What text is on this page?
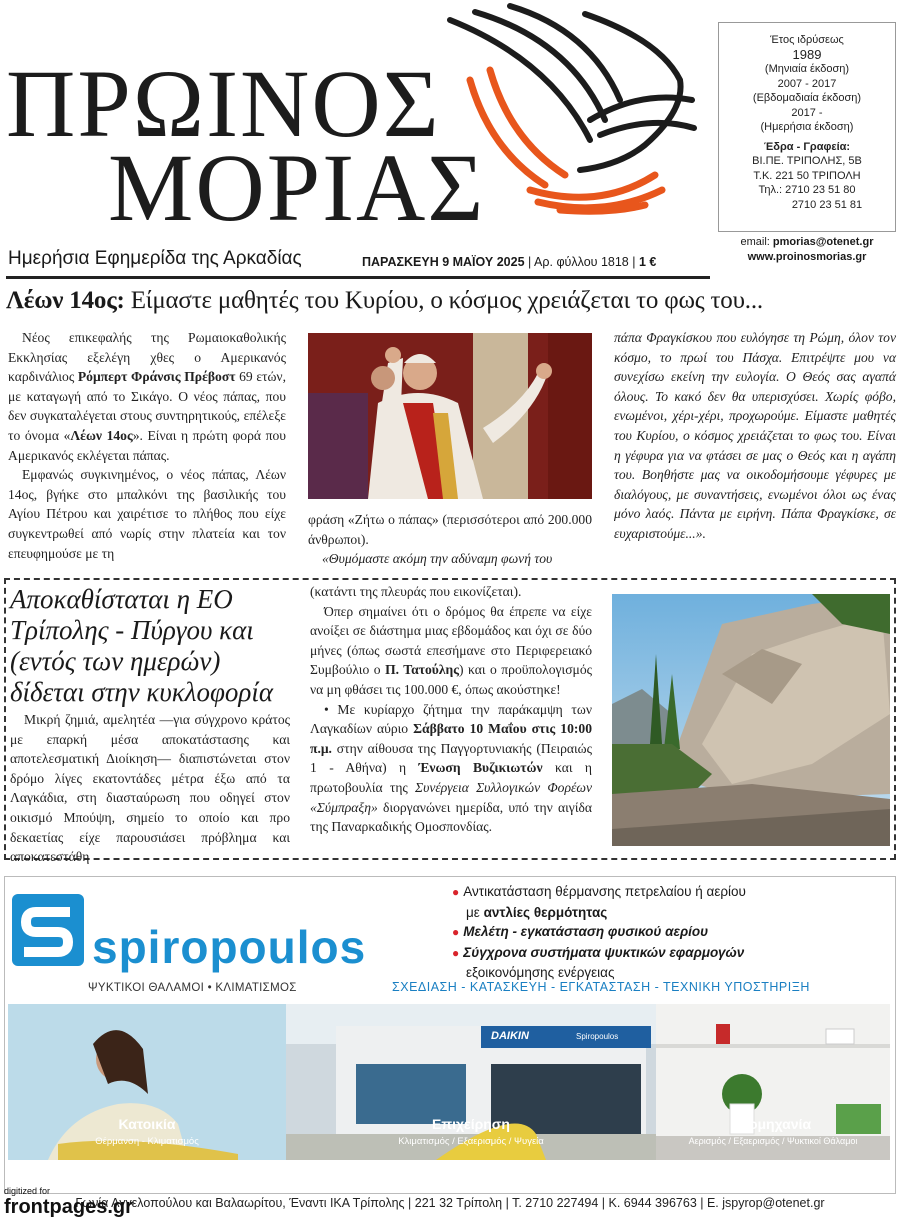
ΠΡΩΙΝΟΣ
ΜΟΡΙΑΣ
Ημερήσια Εφημερίδα της Αρκαδίας	ΠΑΡΑΣΚΕΥΗ 9 ΜΑΪΟΥ 2025 | Αρ. φύλλου 1818 | 1 €
Έτος ιδρύσεως
1989
(Μηνιαία έκδοση)
2007 - 2017
(Εβδομαδιαία έκδοση)
2017 -
(Ημερήσια έκδοση)
Έδρα - Γραφεία:
ΒΙ.ΠΕ. ΤΡΙΠΟΛΗΣ, 5Β
Τ.Κ. 221 50 ΤΡΙΠΟΛΗ
Τηλ.: 2710 23 51 80
2710 23 51 81
email: pmorias@otenet.gr
www.proinosmorias.gr
Λέων 14ος: Είμαστε μαθητές του Κυρίου, ο κόσμος χρειάζεται το φως του...

Νέος επικεφαλής της Ρωμαιοκαθολικής Εκκλησίας εξελέγη χθες ο Αμερικανός καρδινάλιος Ρόμπερτ Φράνσις Πρέβοστ 69 ετών, με καταγωγή από το Σικάγο. Ο νέος πάπας, που δεν συγκαταλέγεται στους συντηρητικούς, επέλεξε το όνομα «Λέων 14ος». Είναι η πρώτη φορά που Αμερικανός εκλέγεται πάπας.

Εμφανώς συγκινημένος, ο νέος πάπας, Λέων 14ος, βγήκε στο μπαλκόνι της βασιλικής του Αγίου Πέτρου και χαιρέτισε το πλήθος που είχε συγκεντρωθεί από νωρίς στην πλατεία και τον επευφημούσε με τη

φράση «Ζήτω ο πάπας» (περισσότεροι από 200.000 άνθρωποι).

«Θυμόμαστε ακόμη την αδύναμη φωνή του

πάπα Φραγκίσκου που ευλόγησε τη Ρώμη, όλον τον κόσμο, το πρωί του Πάσχα. Επιτρέψτε μου να συνεχίσω εκείνη την ευλογία. Ο Θεός σας αγαπά όλους. Το κακό δεν θα υπερισχύσει. Χωρίς φόβο, ενωμένοι, χέρι-χέρι, προχωρούμε. Είμαστε μαθητές του Κυρίου, ο κόσμος χρειάζεται το φως του. Είναι η γέφυρα για να φτάσει σε μας ο Θεός και η αγάπη του. Βοηθήστε μας να οικοδομήσουμε γέφυρες με διαλόγους, με συναντήσεις, ενωμένοι όλοι ως ένας μόνο λαός. Πάντα με ειρήνη. Πάπα Φραγκίσκε, σε ευχαριστούμε...».

Αποκαθίσταται η ΕΟ Τρίπολης - Πύργου και (εντός των ημερών) δίδεται στην κυκλοφορία

Μικρή ζημιά, αμελητέα —για σύγχρονο κράτος με επαρκή μέσα αποκατάστασης και αποτελεσματική Διοίκηση— διαπιστώνεται στον δρόμο λίγες εκατοντάδες μέτρα έξω από τα Λαγκάδια, στη διασταύρωση που οδηγεί στον οικισμό Μπούψη, σημείο το οποίο και προ δεκαετίας είχε παρουσιάσει πρόβλημα και αποκατεστάθη

(κατάντι της πλευράς που εικονίζεται).

Όπερ σημαίνει ότι ο δρόμος θα έπρεπε να είχε ανοίξει σε διάστημα μιας εβδομάδος και όχι σε δύο μήνες (όπως σωστά επεσήμανε στο Περιφερειακό Συμβούλιο ο Π. Τατούλης) και ο προϋπολογισμός να μη φθάσει τις 100.000 €, όπως ακούστηκε!

• Με κυρίαρχο ζήτημα την παράκαμψη των Λαγκαδίων αύριο Σάββατο 10 Μαΐου στις 10:00 π.μ. στην αίθουσα της Παγγορτυνιακής (Πειραιώς 1 - Αθήνα) η Ένωση Βυζικιωτών και η πρωτοβουλία της Συνέργεια Συλλογικών Φορέων «Σύμπραξη» διοργανώνει ημερίδα, υπό την αιγίδα της Παναρκαδικής Ομοσπονδίας.

spiropoulos
ΨΥΚΤΙΚΟΙ ΘΑΛΑΜΟΙ • ΚΛΙΜΑΤΙΣΜΟΣ
● Αντικατάσταση θέρμανσης πετρελαίου ή αερίου
με αντλίες θερμότητας
● Μελέτη - εγκατάσταση φυσικού αερίου
● Σύγχρονα συστήματα ψυκτικών εφαρμογών
εξοικονόμησης ενέργειας
ΣΧΕΔΙΑΣΗ - ΚΑΤΑΣΚΕΥΗ - ΕΓΚΑΤΑΣΤΑΣΗ - ΤΕΧΝΙΚΗ ΥΠΟΣΤΗΡΙΞΗ
Κατοικία
Θέρμανση - Κλιματισμός
DAIKIN	Spiropoulos
Επιχείρηση
Κλιματισμός / Εξαερισμός / Ψυγεία
Βιομηχανία
Αερισμός / Εξαερισμός / Ψυκτικοί Θάλαμοι
Γωνία Αγγελοπούλου και Βαλαωρίτου, Έναντι ΙΚΑ Τρίπολης | 221 32 Τρίπολη | Τ. 2710 227494 | Κ. 6944 396763 | Ε. jspyrop@otenet.gr
digitized for
frontpages.gr
